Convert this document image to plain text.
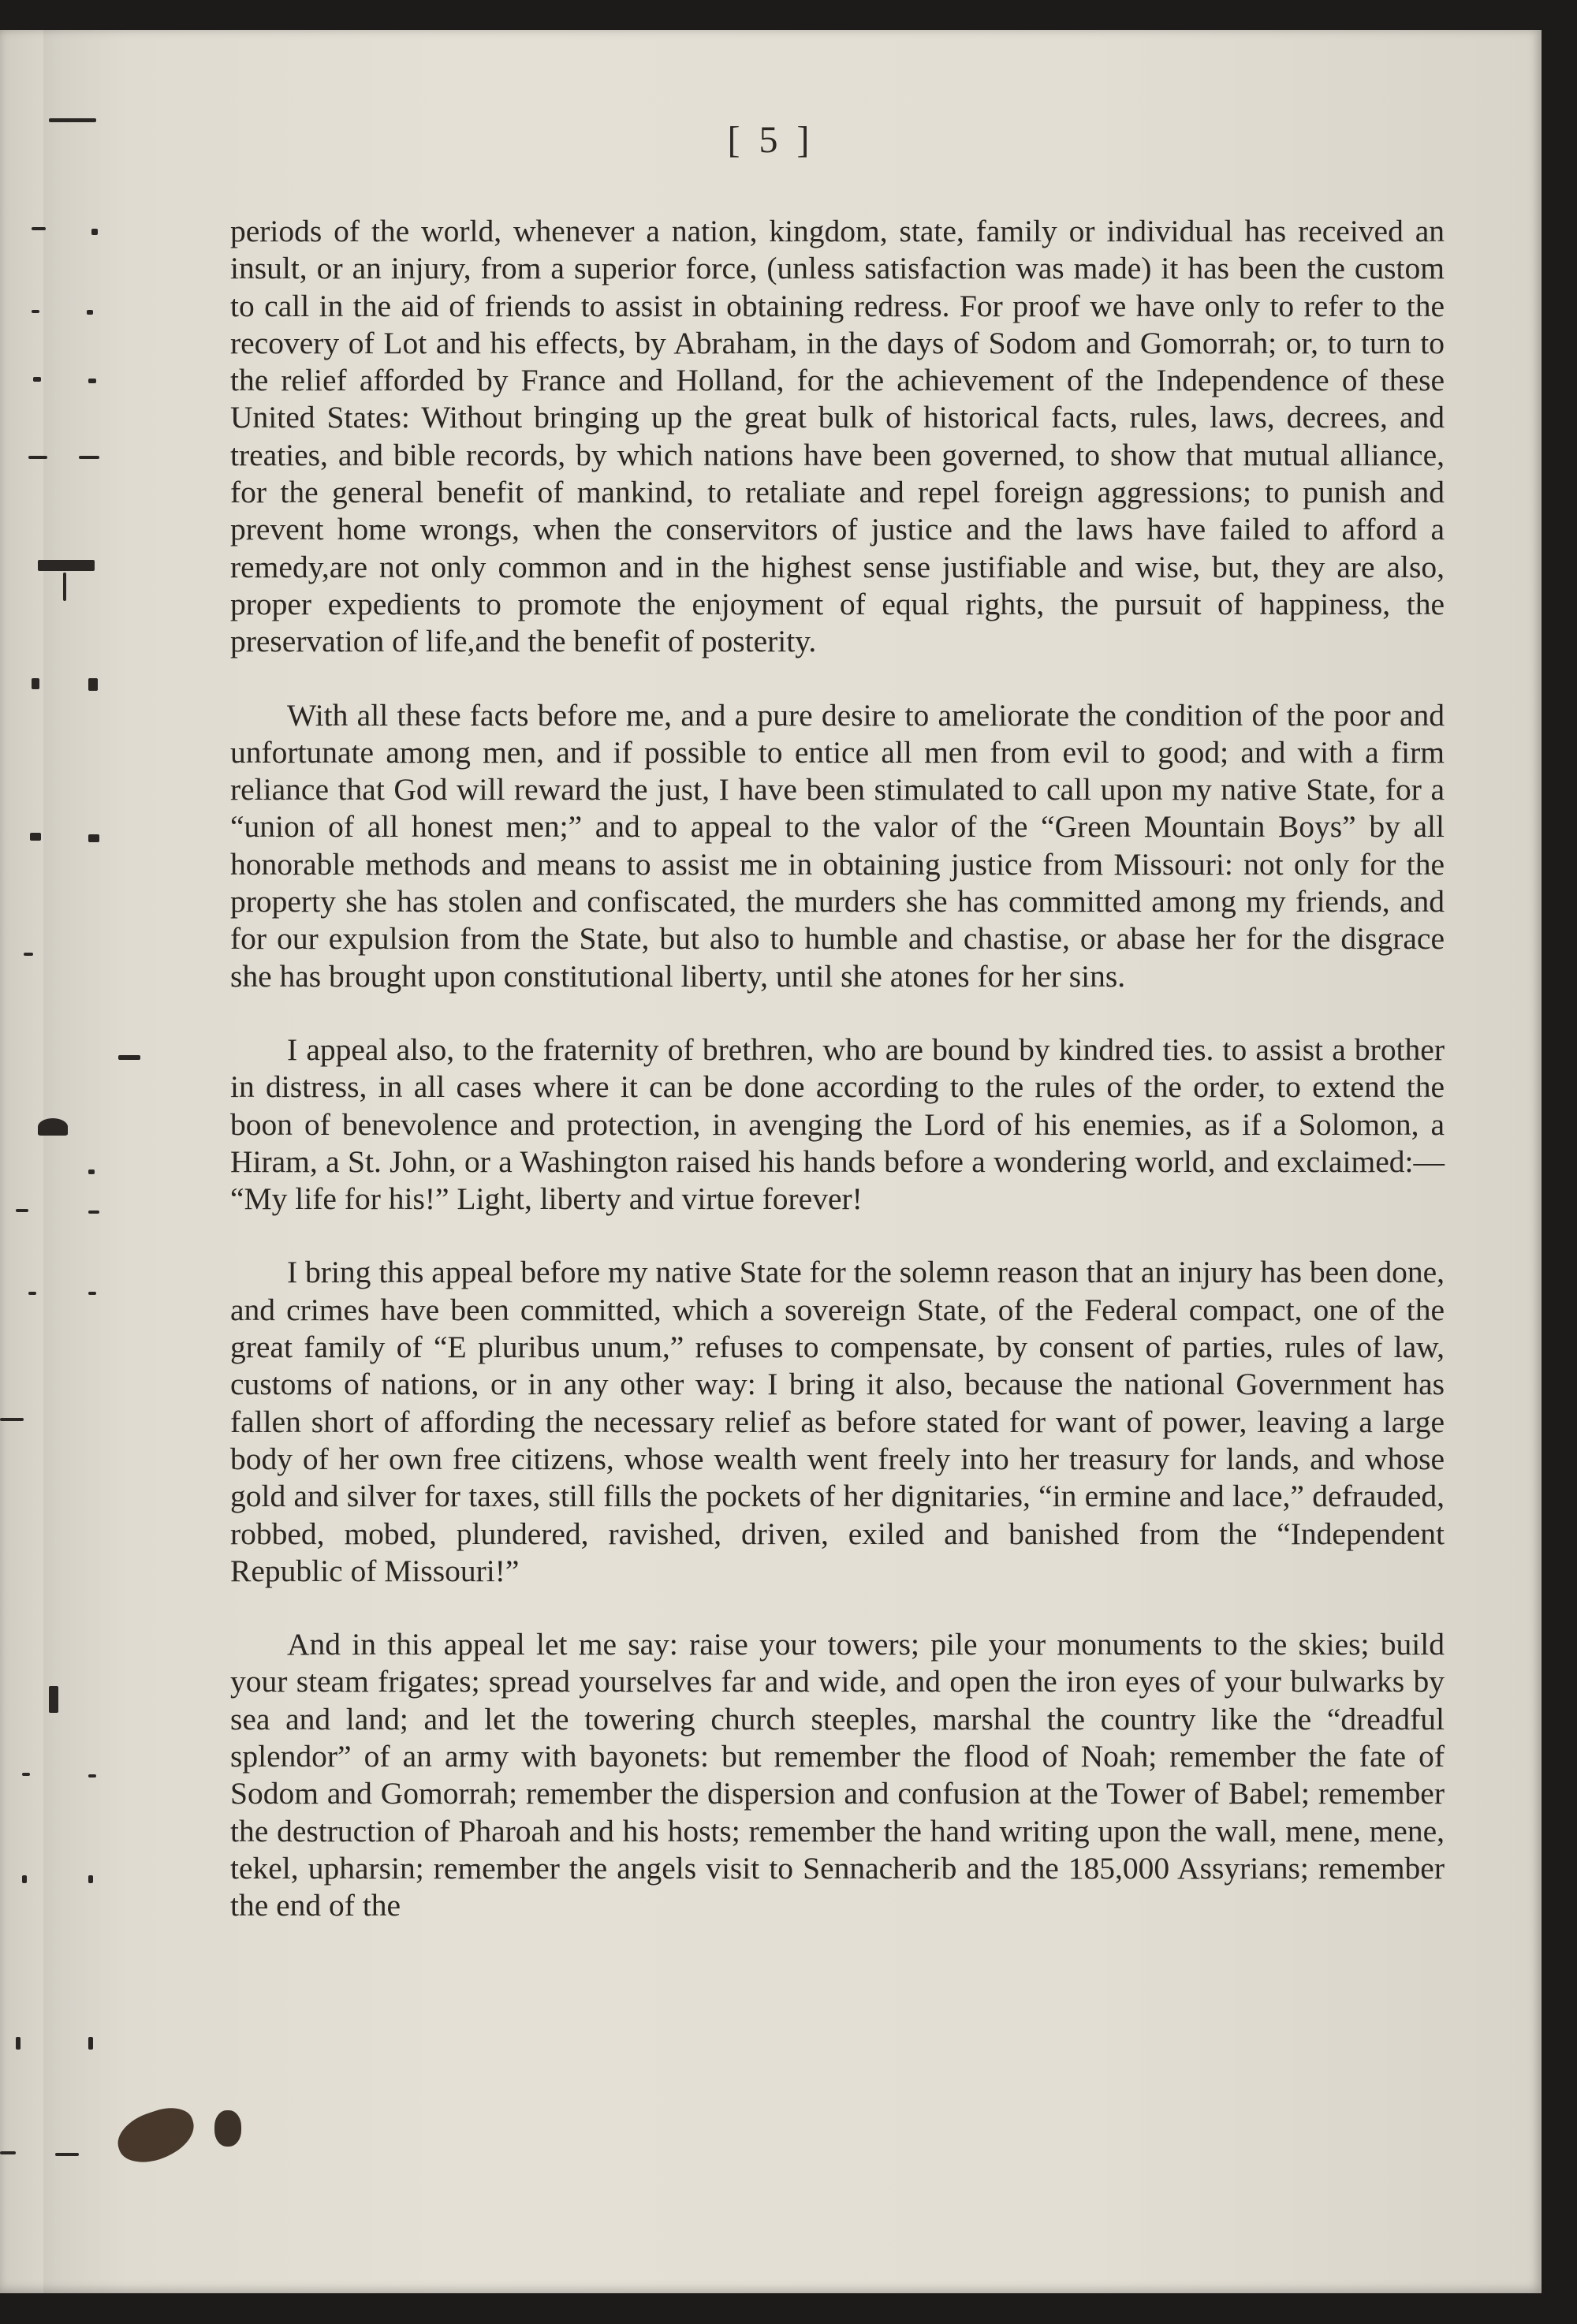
[ 5 ]

periods of the world, whenever a nation, kingdom, state, family or individual has received an insult, or an injury, from a superior force, (unless satisfaction was made) it has been the custom to call in the aid of friends to assist in obtaining redress. For proof we have only to refer to the recovery of Lot and his effects, by Abraham, in the days of Sodom and Gomorrah; or, to turn to the relief afforded by France and Holland, for the achievement of the Independence of these United States: Without bringing up the great bulk of historical facts, rules, laws, decrees, and treaties, and bible records, by which nations have been governed, to show that mutual alliance, for the general benefit of mankind, to retaliate and repel foreign aggressions; to punish and prevent home wrongs, when the conservitors of justice and the laws have failed to afford a remedy,are not only common and in the highest sense justifiable and wise, but, they are also, proper expedients to promote the enjoyment of equal rights, the pursuit of happiness, the preservation of life,and the benefit of posterity.

With all these facts before me, and a pure desire to ameliorate the condition of the poor and unfortunate among men, and if possible to entice all men from evil to good; and with a firm reliance that God will reward the just, I have been stimulated to call upon my native State, for a “union of all honest men;” and to appeal to the valor of the “Green Mountain Boys” by all honorable methods and means to assist me in obtaining justice from Missouri: not only for the property she has stolen and confiscated, the murders she has committed among my friends, and for our expulsion from the State, but also to humble and chastise, or abase her for the disgrace she has brought upon constitutional liberty, until she atones for her sins.

I appeal also, to the fraternity of brethren, who are bound by kindred ties. to assist a brother in distress, in all cases where it can be done according to the rules of the order, to extend the boon of benevolence and protection, in avenging the Lord of his enemies, as if a Solomon, a Hiram, a St. John, or a Washington raised his hands before a wondering world, and exclaimed:— “My life for his!” Light, liberty and virtue forever!

I bring this appeal before my native State for the solemn reason that an injury has been done, and crimes have been committed, which a sovereign State, of the Federal compact, one of the great family of “E pluribus unum,” refuses to compensate, by consent of parties, rules of law, customs of nations, or in any other way: I bring it also, because the national Government has fallen short of affording the necessary relief as before stated for want of power, leaving a large body of her own free citizens, whose wealth went freely into her treasury for lands, and whose gold and silver for taxes, still fills the pockets of her dignitaries, “in ermine and lace,” defrauded, robbed, mobed, plundered, ravished, driven, exiled and banished from the “Independent Republic of Missouri!”

And in this appeal let me say: raise your towers; pile your monuments to the skies; build your steam frigates; spread yourselves far and wide, and open the iron eyes of your bulwarks by sea and land; and let the towering church steeples, marshal the country like the “dreadful splendor” of an army with bayonets: but remember the flood of Noah; remember the fate of Sodom and Gomorrah; remember the dispersion and confusion at the Tower of Babel; remember the destruction of Pharoah and his hosts; remember the hand writing upon the wall, mene, mene, tekel, upharsin; remember the angels visit to Sennacherib and the 185,000 Assyrians; remember the end of the
